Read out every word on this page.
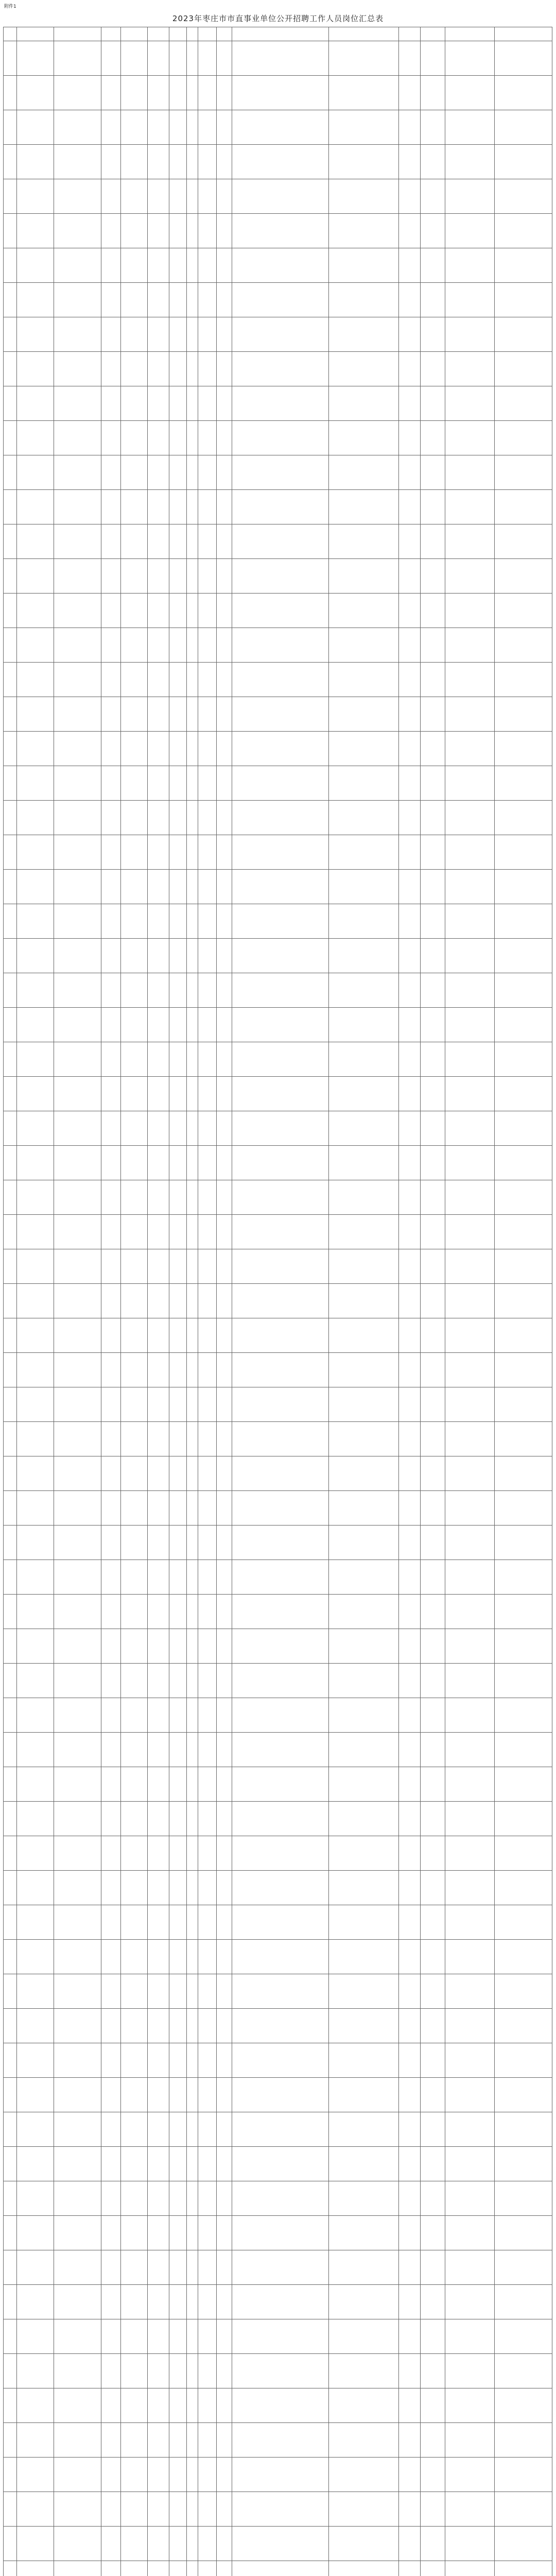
附件1
2023年枣庄市市直事业单位公开招聘工作人员岗位汇总表
